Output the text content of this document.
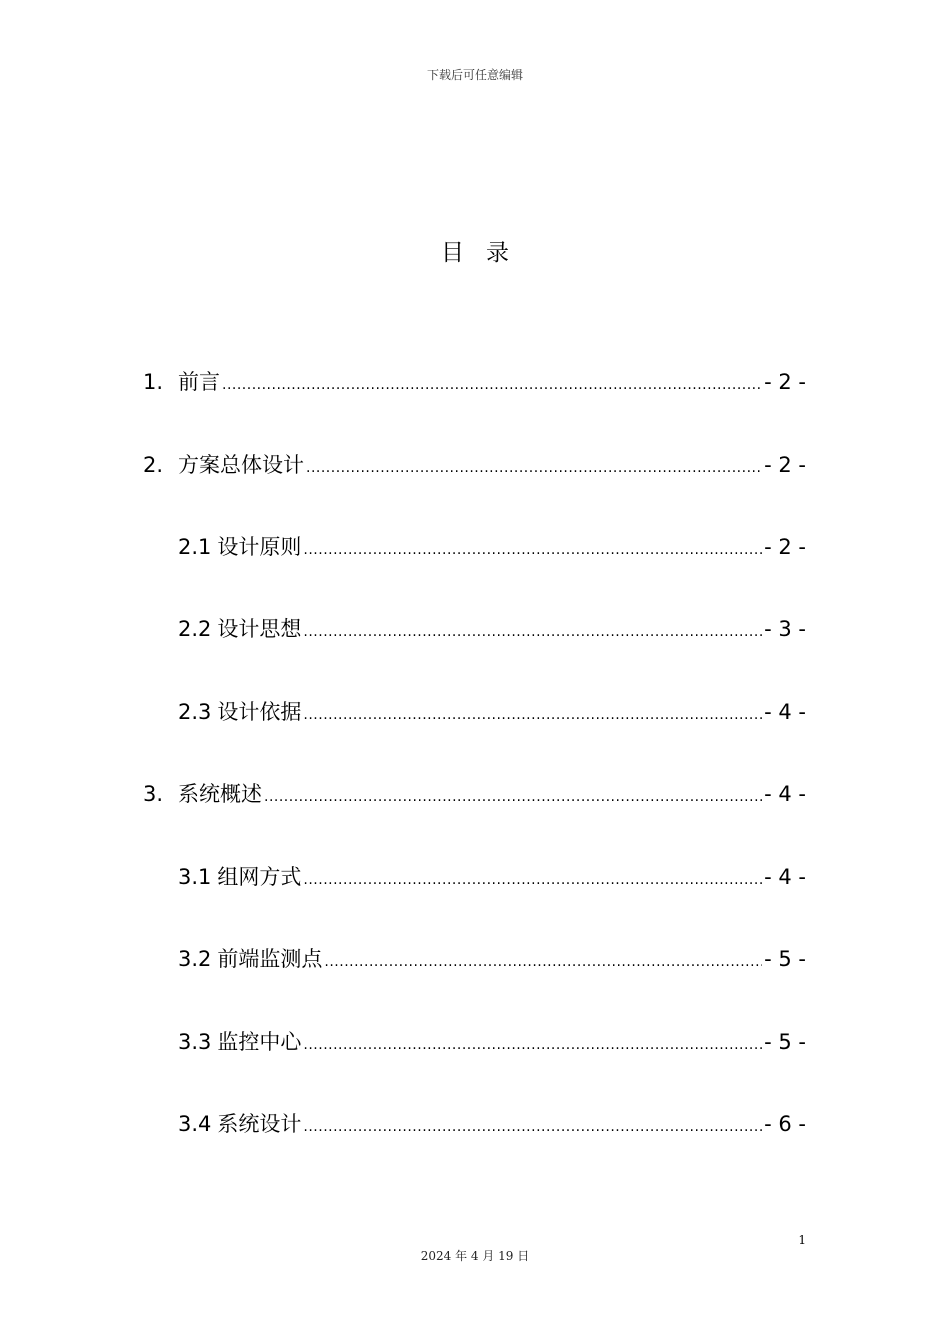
下载后可任意编辑
目录
1. 前言 .....	- 2 -
2. 方案总体设计 .....	- 2 -
2.1 设计原则 .....	- 2 -
2.2 设计思想 .....	- 3 -
2.3 设计依据 .....	- 4 -
3. 系统概述 .....	- 4 -
3.1 组网方式 .....	- 4 -
3.2 前端监测点 .....	- 5 -
3.3 监控中心 .....	- 5 -
3.4 系统设计 .....	- 6 -
1
2024 年 4 月 19 日
